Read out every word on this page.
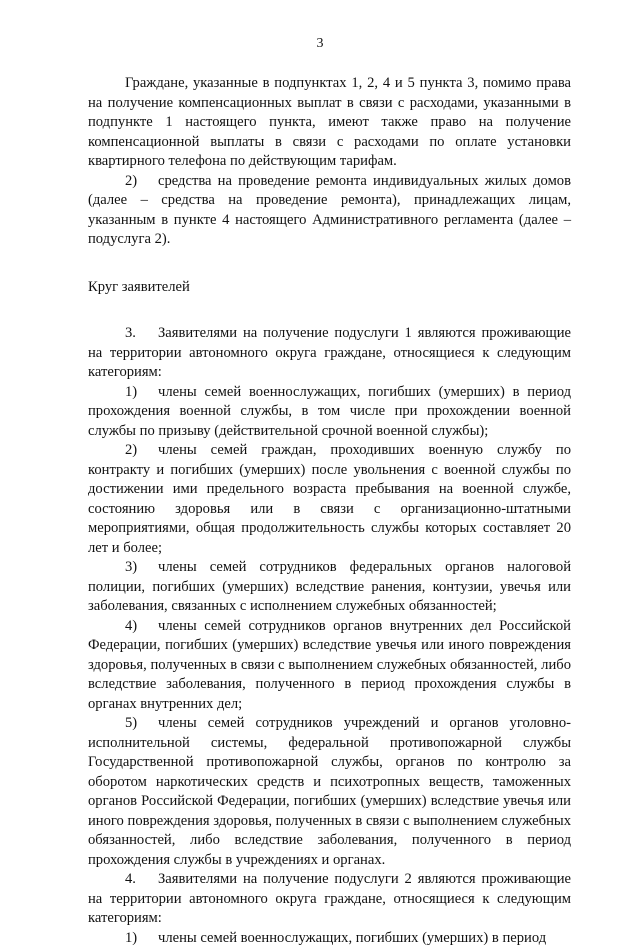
3

Граждане, указанные в подпунктах 1, 2, 4 и 5 пункта 3, помимо права на получение компенсационных выплат в связи с расходами, указанными в подпункте 1 настоящего пункта, имеют также право на получение компенсационной выплаты в связи с расходами по оплате установки квартирного телефона по действующим тарифам.

2) средства на проведение ремонта индивидуальных жилых домов (далее – средства на проведение ремонта), принадлежащих лицам, указанным в пункте 4 настоящего Административного регламента (далее – подуслуга 2).

Круг заявителей

3. Заявителями на получение подуслуги 1 являются проживающие на территории автономного округа граждане, относящиеся к следующим категориям:

1) члены семей военнослужащих, погибших (умерших) в период прохождения военной службы, в том числе при прохождении военной службы по призыву (действительной срочной военной службы);

2) члены семей граждан, проходивших военную службу по контракту и погибших (умерших) после увольнения с военной службы по достижении ими предельного возраста пребывания на военной службе, состоянию здоровья или в связи с организационно-штатными мероприятиями, общая продолжительность службы которых составляет 20 лет и более;

3) члены семей сотрудников федеральных органов налоговой полиции, погибших (умерших) вследствие ранения, контузии, увечья или заболевания, связанных с исполнением служебных обязанностей;

4) члены семей сотрудников органов внутренних дел Российской Федерации, погибших (умерших) вследствие увечья или иного повреждения здоровья, полученных в связи с выполнением служебных обязанностей, либо вследствие заболевания, полученного в период прохождения службы в органах внутренних дел;

5) члены семей сотрудников учреждений и органов уголовно-исполнительной системы, федеральной противопожарной службы Государственной противопожарной службы, органов по контролю за оборотом наркотических средств и психотропных веществ, таможенных органов Российской Федерации, погибших (умерших) вследствие увечья или иного повреждения здоровья, полученных в связи с выполнением служебных обязанностей, либо вследствие заболевания, полученного в период прохождения службы в учреждениях и органах.

4. Заявителями на получение подуслуги 2 являются проживающие на территории автономного округа граждане, относящиеся к следующим категориям:

1) члены семей военнослужащих, погибших (умерших) в период
